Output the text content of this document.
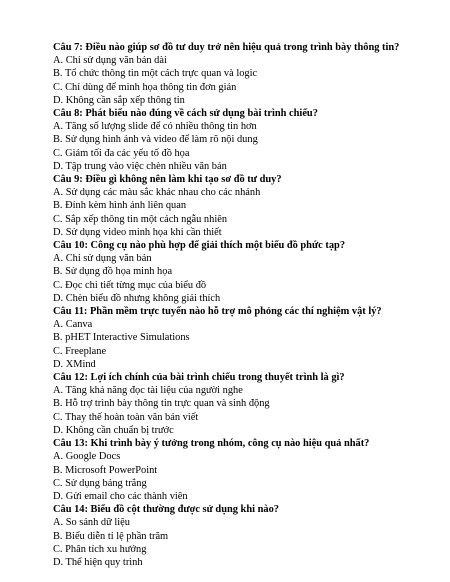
Câu 7: Điều nào giúp sơ đồ tư duy trở nên hiệu quả trong trình bày thông tin?
A. Chỉ sử dụng văn bản dài
B. Tổ chức thông tin một cách trực quan và logic
C. Chỉ dùng để minh họa thông tin đơn giản
D. Không cần sắp xếp thông tin
Câu 8: Phát biểu nào đúng về cách sử dụng bài trình chiếu?
A. Tăng số lượng slide để có nhiều thông tin hơn
B. Sử dụng hình ảnh và video để làm rõ nội dung
C. Giảm tối đa các yếu tố đồ họa
D. Tập trung vào việc chèn nhiều văn bản
Câu 9: Điều gì không nên làm khi tạo sơ đồ tư duy?
A. Sử dụng các màu sắc khác nhau cho các nhánh
B. Đính kèm hình ảnh liên quan
C. Sắp xếp thông tin một cách ngẫu nhiên
D. Sử dụng video minh họa khi cần thiết
Câu 10: Công cụ nào phù hợp để giải thích một biểu đồ phức tạp?
A. Chỉ sử dụng văn bản
B. Sử dụng đồ họa minh họa
C. Đọc chi tiết từng mục của biểu đồ
D. Chèn biểu đồ nhưng không giải thích
Câu 11: Phần mềm trực tuyến nào hỗ trợ mô phỏng các thí nghiệm vật lý?
A. Canva
B. pHET Interactive Simulations
C. Freeplane
D. XMind
Câu 12: Lợi ích chính của bài trình chiếu trong thuyết trình là gì?
A. Tăng khả năng đọc tài liệu của người nghe
B. Hỗ trợ trình bày thông tin trực quan và sinh động
C. Thay thế hoàn toàn văn bản viết
D. Không cần chuẩn bị trước
Câu 13: Khi trình bày ý tưởng trong nhóm, công cụ nào hiệu quả nhất?
A. Google Docs
B. Microsoft PowerPoint
C. Sử dụng bảng trắng
D. Gửi email cho các thành viên
Câu 14: Biểu đồ cột thường được sử dụng khi nào?
A. So sánh dữ liệu
B. Biểu diễn tỉ lệ phần trăm
C. Phân tích xu hướng
D. Thể hiện quy trình
